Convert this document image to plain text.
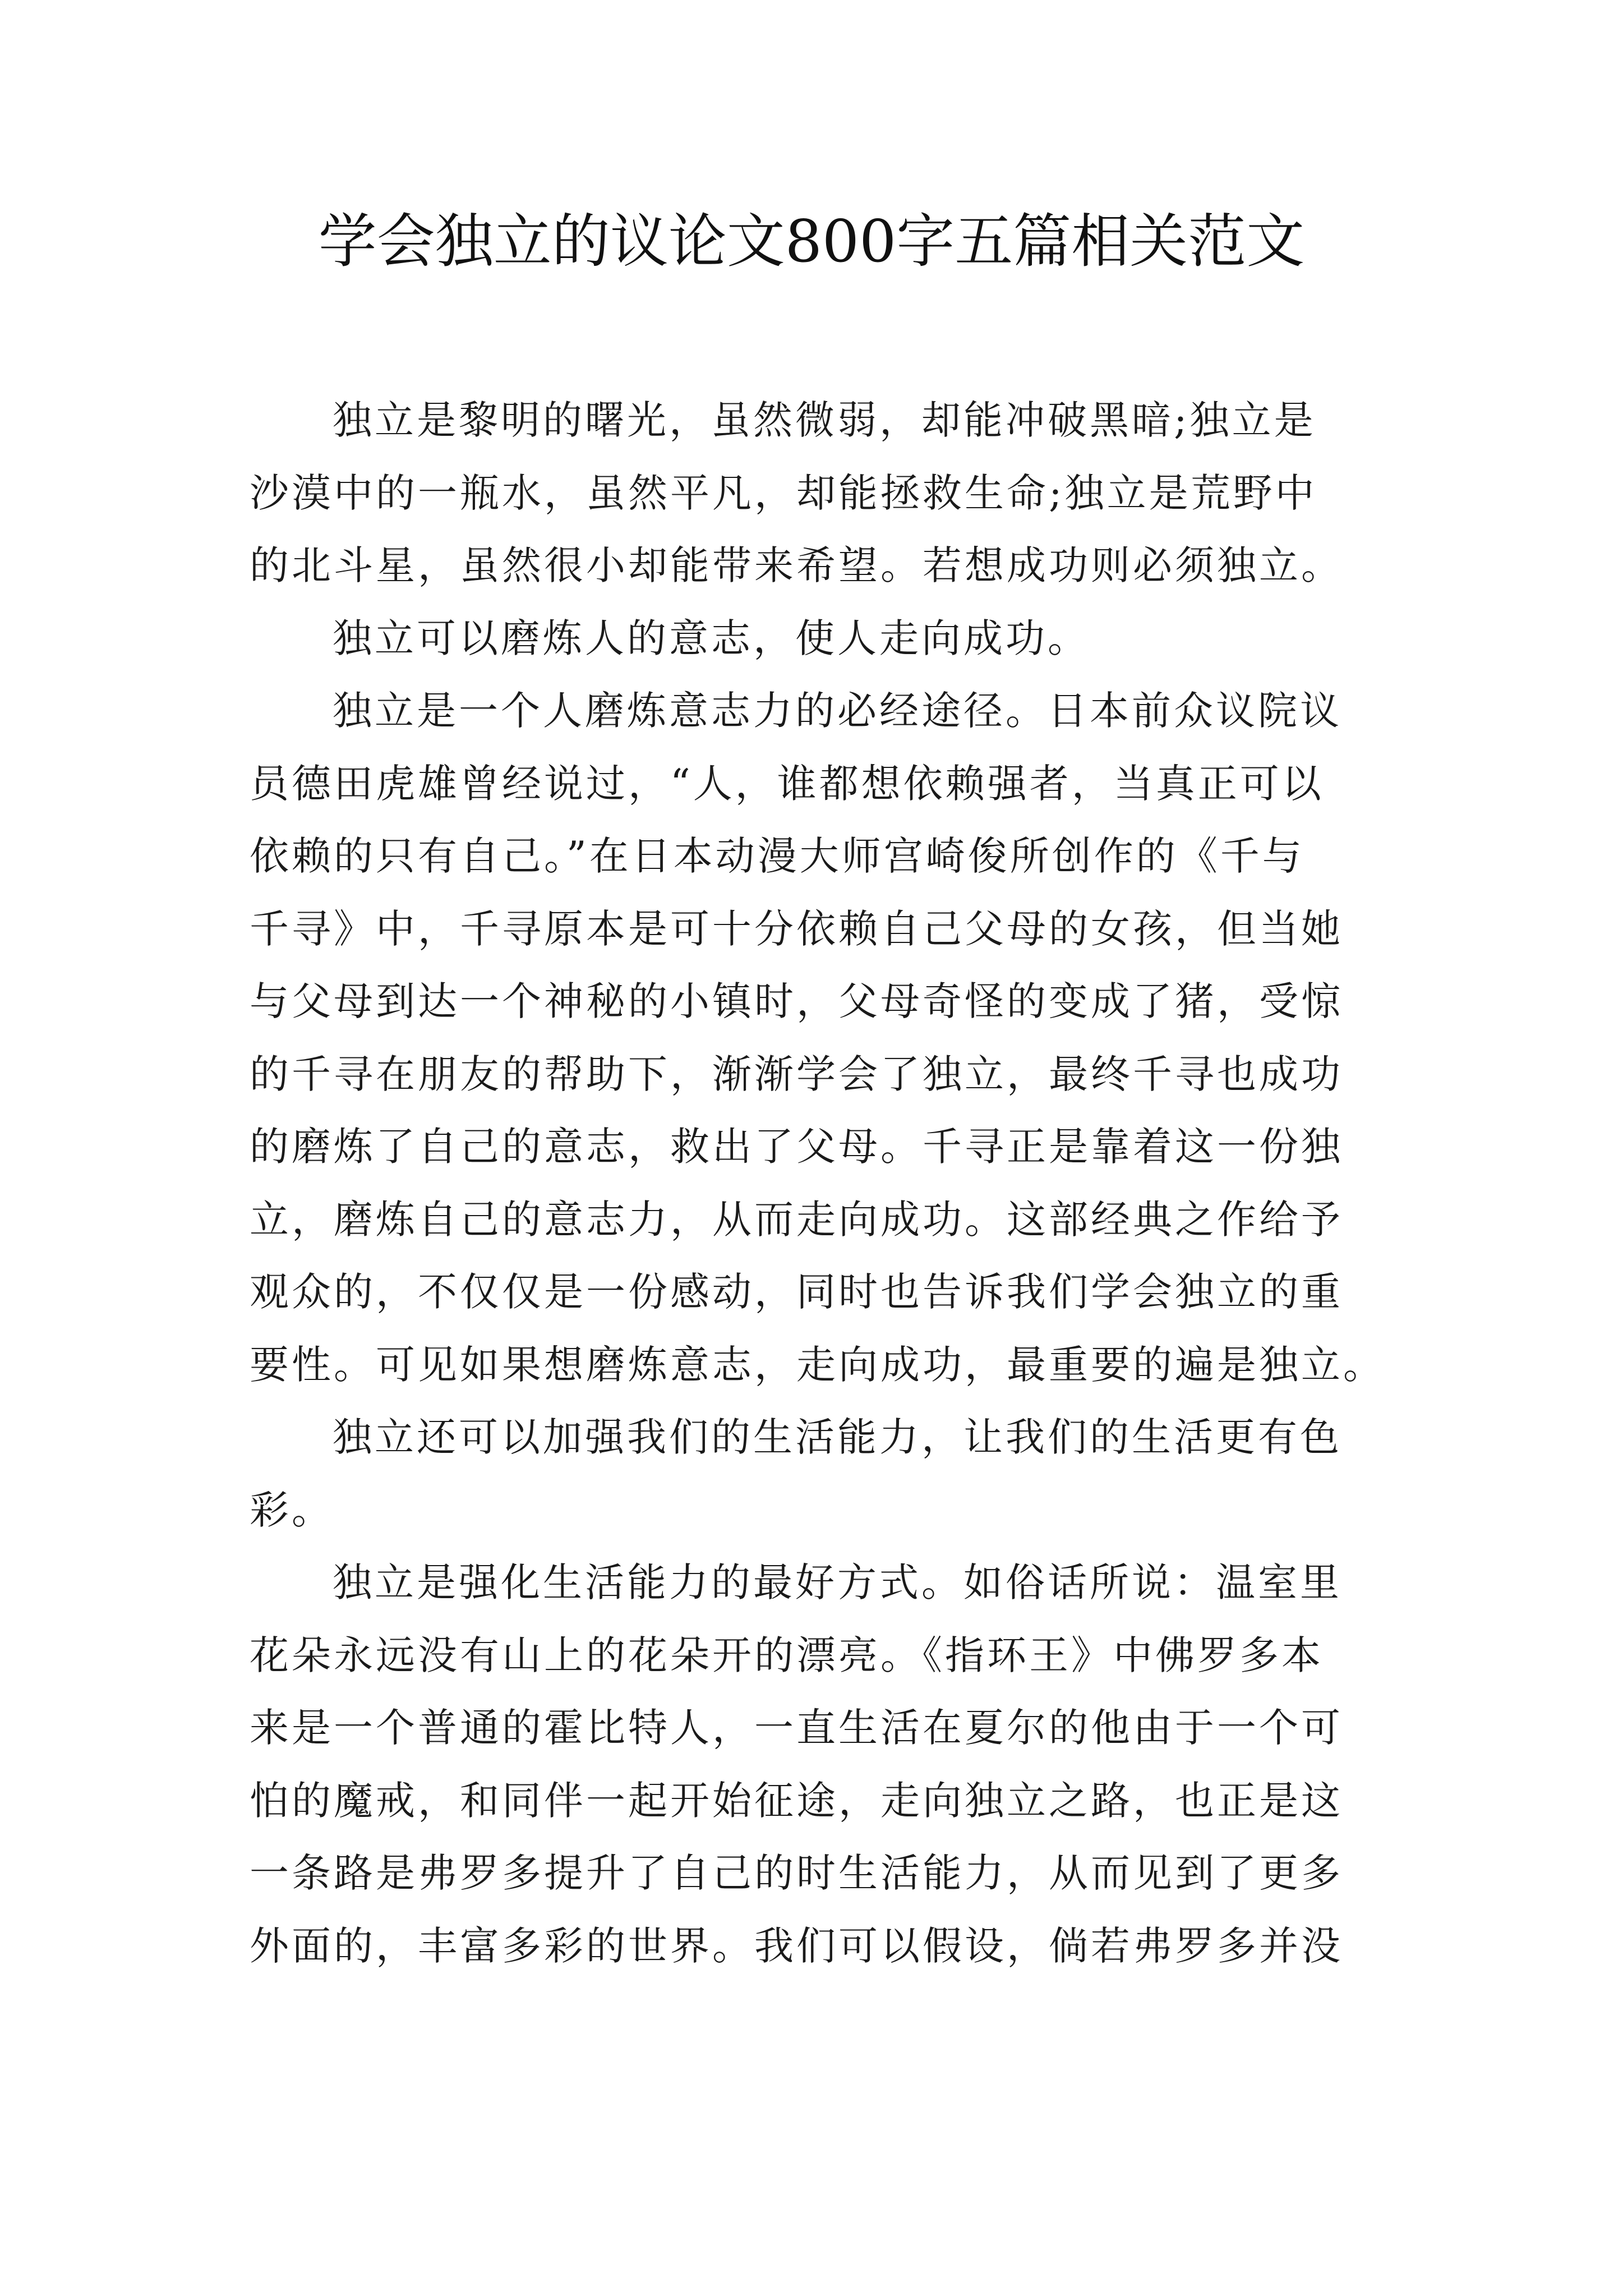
学会独立的议论文800字五篇相关范文
独立是黎明的曙光，虽然微弱，却能冲破黑暗;独立是
沙漠中的一瓶水，虽然平凡，却能拯救生命;独立是荒野中
的北斗星，虽然很小却能带来希望。若想成功则必须独立。
独立可以磨炼人的意志，使人走向成功。
独立是一个人磨炼意志力的必经途径。日本前众议院议
员德田虎雄曾经说过，“人，谁都想依赖强者，当真正可以
依赖的只有自己。”在日本动漫大师宫崎俊所创作的《千与
千寻》中，千寻原本是可十分依赖自己父母的女孩，但当她
与父母到达一个神秘的小镇时，父母奇怪的变成了猪，受惊
的千寻在朋友的帮助下，渐渐学会了独立，最终千寻也成功
的磨炼了自己的意志，救出了父母。千寻正是靠着这一份独
立，磨炼自己的意志力，从而走向成功。这部经典之作给予
观众的，不仅仅是一份感动，同时也告诉我们学会独立的重
要性。可见如果想磨炼意志，走向成功，最重要的遍是独立。
独立还可以加强我们的生活能力，让我们的生活更有色
彩。
独立是强化生活能力的最好方式。如俗话所说：温室里
花朵永远没有山上的花朵开的漂亮。《指环王》中佛罗多本
来是一个普通的霍比特人，一直生活在夏尔的他由于一个可
怕的魔戒，和同伴一起开始征途，走向独立之路，也正是这
一条路是弗罗多提升了自己的时生活能力，从而见到了更多
外面的，丰富多彩的世界。我们可以假设，倘若弗罗多并没
